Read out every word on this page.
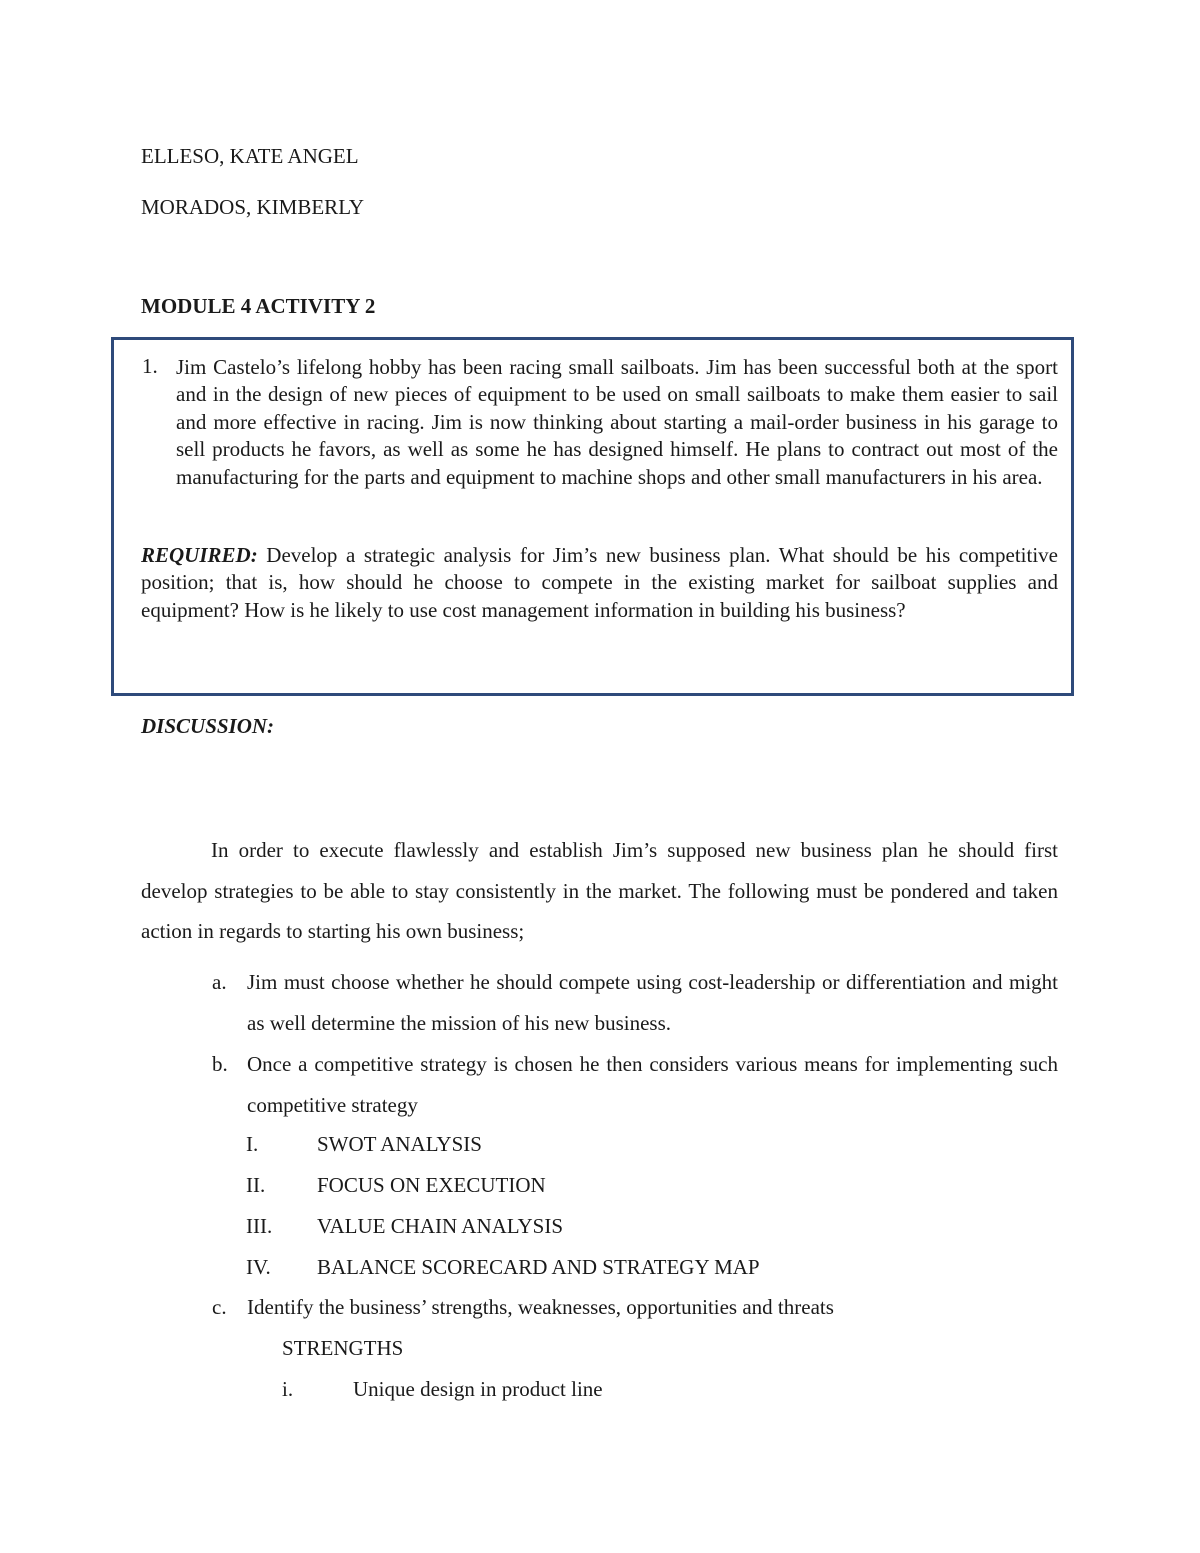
ELLESO, KATE ANGEL
MORADOS, KIMBERLY
MODULE 4 ACTIVITY 2
1. Jim Castelo’s lifelong hobby has been racing small sailboats. Jim has been successful both at the sport and in the design of new pieces of equipment to be used on small sailboats to make them easier to sail and more effective in racing. Jim is now thinking about starting a mail-order business in his garage to sell products he favors, as well as some he has designed himself. He plans to contract out most of the manufacturing for the parts and equipment to machine shops and other small manufacturers in his area.
REQUIRED: Develop a strategic analysis for Jim’s new business plan. What should be his competitive position; that is, how should he choose to compete in the existing market for sailboat supplies and equipment? How is he likely to use cost management information in building his business?
DISCUSSION:
In order to execute flawlessly and establish Jim’s supposed new business plan he should first develop strategies to be able to stay consistently in the market. The following must be pondered and taken action in regards to starting his own business;
a. Jim must choose whether he should compete using cost-leadership or differentiation and might as well determine the mission of his new business.
b. Once a competitive strategy is chosen he then considers various means for implementing such competitive strategy
I.	SWOT ANALYSIS
II. FOCUS ON EXECUTION
III. VALUE CHAIN ANALYSIS
IV. BALANCE SCORECARD AND STRATEGY MAP
c. Identify the business’ strengths, weaknesses, opportunities and threats
STRENGTHS
i.	Unique design in product line
